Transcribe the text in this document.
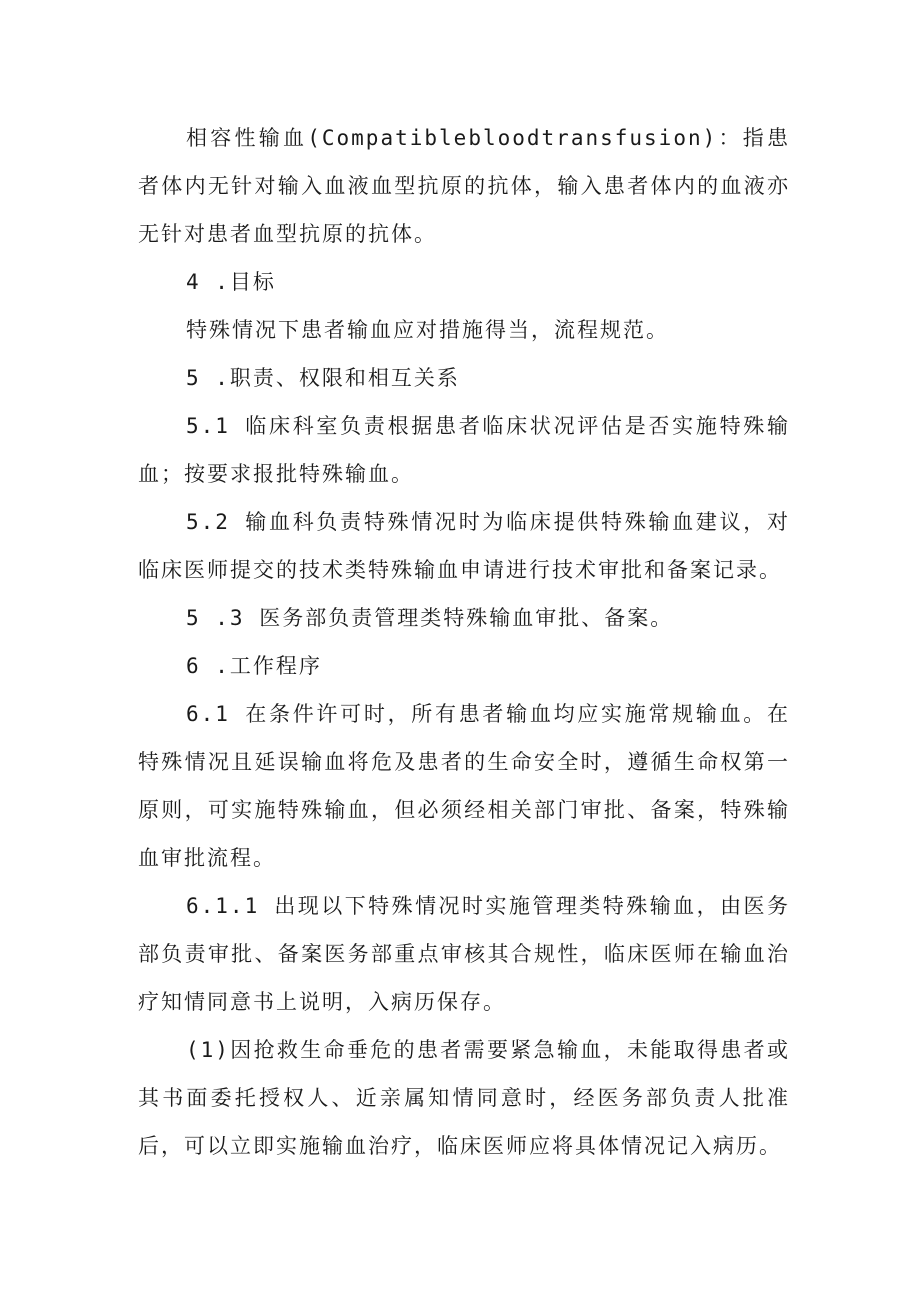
相容性输血(Compatiblebloodtransfusion)：指患者体内无针对输入血液血型抗原的抗体，输入患者体内的血液亦无针对患者血型抗原的抗体。

4 .目标

特殊情况下患者输血应对措施得当，流程规范。

5 .职责、权限和相互关系

5.1 临床科室负责根据患者临床状况评估是否实施特殊输血；按要求报批特殊输血。

5.2 输血科负责特殊情况时为临床提供特殊输血建议，对临床医师提交的技术类特殊输血申请进行技术审批和备案记录。

5 .3 医务部负责管理类特殊输血审批、备案。

6 .工作程序

6.1 在条件许可时，所有患者输血均应实施常规输血。在特殊情况且延误输血将危及患者的生命安全时，遵循生命权第一原则，可实施特殊输血，但必须经相关部门审批、备案，特殊输血审批流程。

6.1.1 出现以下特殊情况时实施管理类特殊输血，由医务部负责审批、备案医务部重点审核其合规性，临床医师在输血治疗知情同意书上说明，入病历保存。

(1)因抢救生命垂危的患者需要紧急输血，未能取得患者或其书面委托授权人、近亲属知情同意时，经医务部负责人批准后，可以立即实施输血治疗，临床医师应将具体情况记入病历。
